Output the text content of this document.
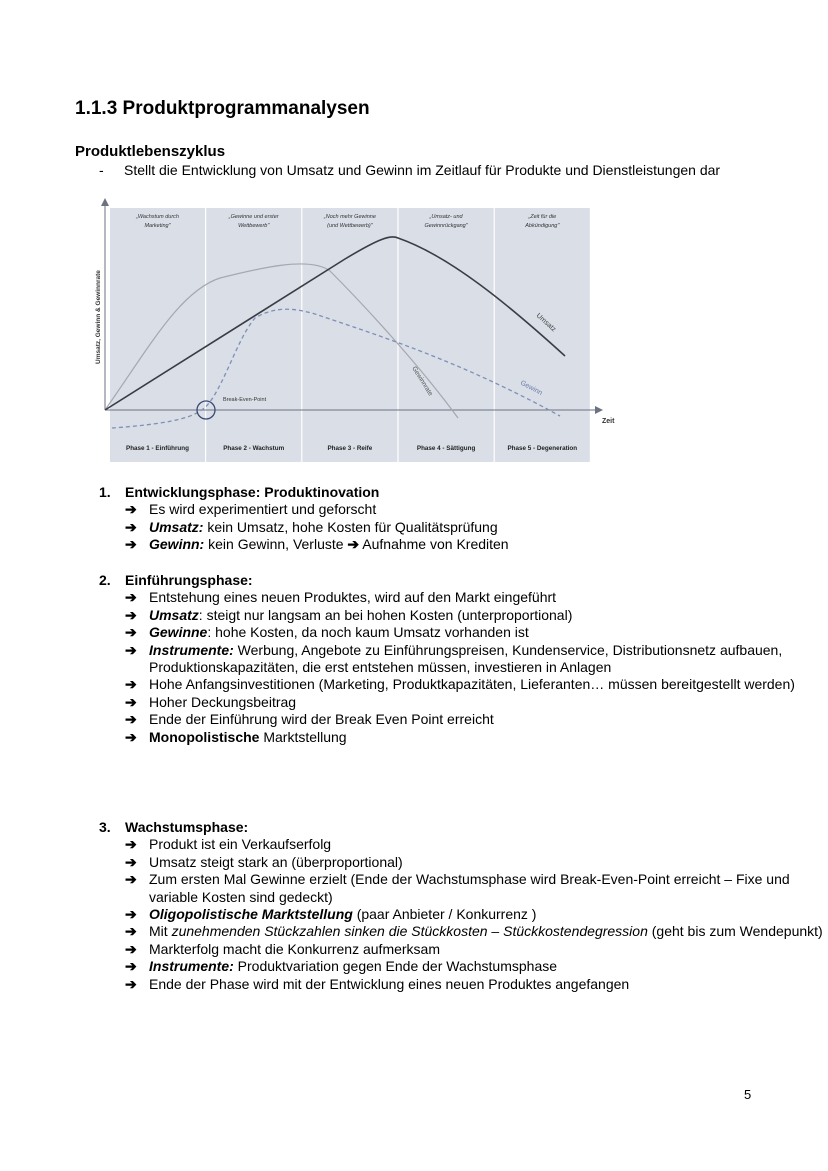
1.1.3 Produktprogrammanalysen
Produktlebenszyklus
- Stellt die Entwicklung von Umsatz und Gewinn im Zeitlauf für Produkte und Dienstleistungen dar
Zeit
Umsatz, Gewinn & Gewinnrate
Break-Even-Point
Umsatz
Gewinn
Gewinnrate
„Wachstum durch
Marketing"
Phase 1 - Einführung
„Gewinne und erster
Wettbewerb"
Phase 2 - Wachstum
„Noch mehr Gewinne
(und Wettbewerb)"
Phase 3 - Reife
„Umsatz- und
Gewinnrückgang"
Phase 4 - Sättigung
„Zeit für die
Abkündigung"
Phase 5 - Degeneration
1. Entwicklungsphase: Produktinovation
➔ Es wird experimentiert und geforscht
➔ Umsatz: kein Umsatz, hohe Kosten für Qualitätsprüfung
➔ Gewinn: kein Gewinn, Verluste ➔ Aufnahme von Krediten
2. Einführungsphase:
➔ Entstehung eines neuen Produktes, wird auf den Markt eingeführt
➔ Umsatz: steigt nur langsam an bei hohen Kosten (unterproportional)
➔ Gewinne: hohe Kosten, da noch kaum Umsatz vorhanden ist
➔ Instrumente: Werbung, Angebote zu Einführungspreisen, Kundenservice, Distributionsnetz aufbauen, Produktionskapazitäten, die erst entstehen müssen, investieren in Anlagen
➔ Hohe Anfangsinvestitionen (Marketing, Produktkapazitäten, Lieferanten… müssen bereitgestellt werden)
➔ Hoher Deckungsbeitrag
➔ Ende der Einführung wird der Break Even Point erreicht
➔ Monopolistische Marktstellung
3. Wachstumsphase:
➔ Produkt ist ein Verkaufserfolg
➔ Umsatz steigt stark an (überproportional)
➔ Zum ersten Mal Gewinne erzielt (Ende der Wachstumsphase wird Break-Even-Point erreicht – Fixe und variable Kosten sind gedeckt)
➔ Oligopolistische Marktstellung (paar Anbieter / Konkurrenz )
➔ Mit zunehmenden Stückzahlen sinken die Stückkosten – Stückkostendegression (geht bis zum Wendepunkt)
➔ Markterfolg macht die Konkurrenz aufmerksam
➔ Instrumente: Produktvariation gegen Ende der Wachstumsphase
➔ Ende der Phase wird mit der Entwicklung eines neuen Produktes angefangen
5
